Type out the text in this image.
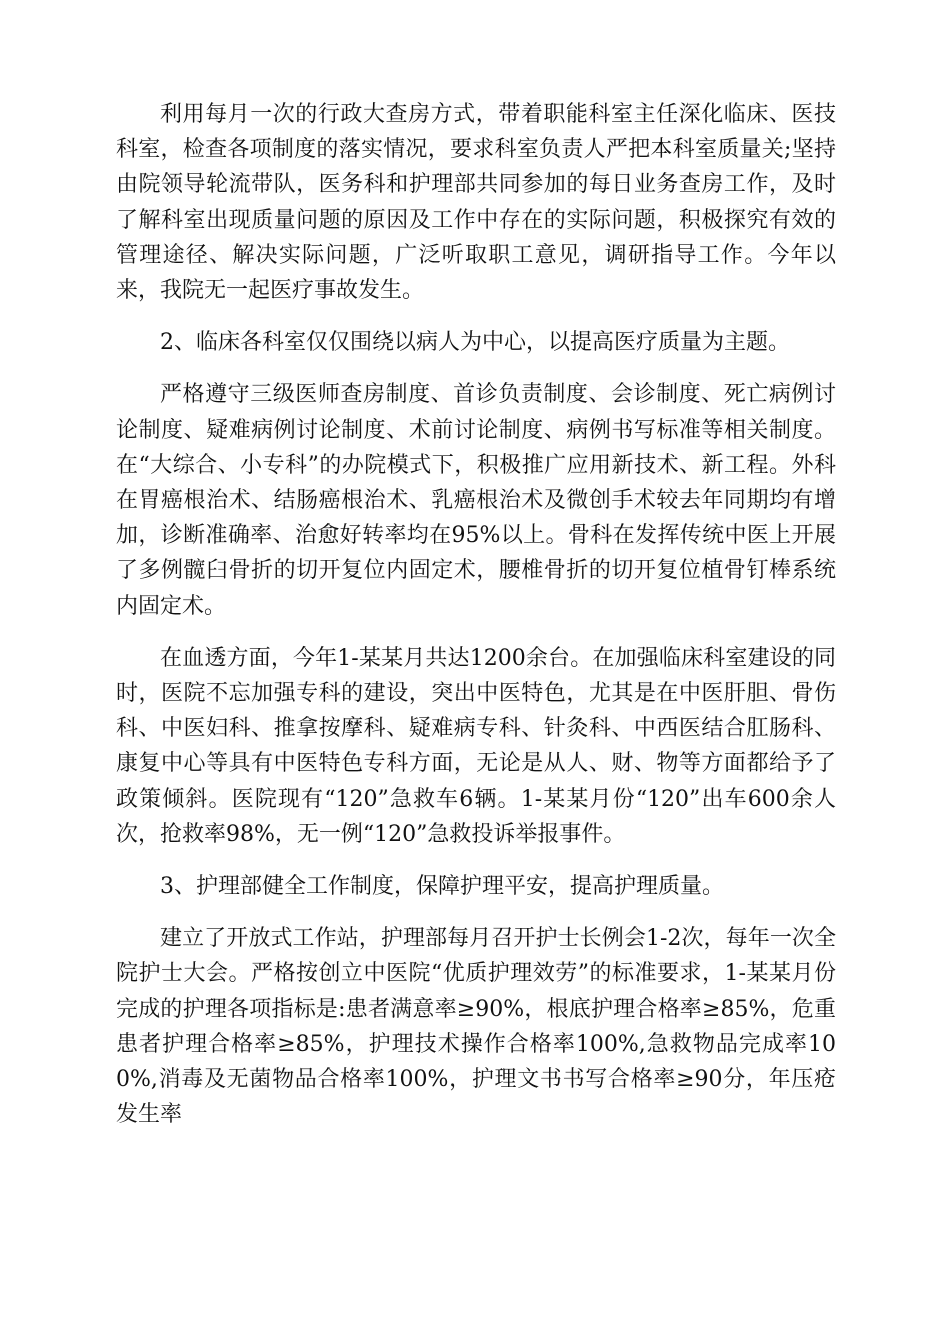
利用每月一次的行政大查房方式，带着职能科室主任深化临床、医技科室，检查各项制度的落实情况，要求科室负责人严把本科室质量关;坚持由院领导轮流带队，医务科和护理部共同参加的每日业务查房工作，及时了解科室出现质量问题的原因及工作中存在的实际问题，积极探究有效的管理途径、解决实际问题，广泛听取职工意见，调研指导工作。今年以来，我院无一起医疗事故发生。

2、临床各科室仅仅围绕以病人为中心，以提高医疗质量为主题。

严格遵守三级医师查房制度、首诊负责制度、会诊制度、死亡病例讨论制度、疑难病例讨论制度、术前讨论制度、病例书写标准等相关制度。在“大综合、小专科”的办院模式下，积极推广应用新技术、新工程。外科在胃癌根治术、结肠癌根治术、乳癌根治术及微创手术较去年同期均有增加，诊断准确率、治愈好转率均在95%以上。骨科在发挥传统中医上开展了多例髋臼骨折的切开复位内固定术，腰椎骨折的切开复位植骨钉棒系统内固定术。

在血透方面，今年1-某某月共达1200余台。在加强临床科室建设的同时，医院不忘加强专科的建设，突出中医特色，尤其是在中医肝胆、骨伤科、中医妇科、推拿按摩科、疑难病专科、针灸科、中西医结合肛肠科、康复中心等具有中医特色专科方面，无论是从人、财、物等方面都给予了政策倾斜。医院现有“120”急救车6辆。1-某某月份“120”出车600余人次，抢救率98%，无一例“120”急救投诉举报事件。

3、护理部健全工作制度，保障护理平安，提高护理质量。

建立了开放式工作站，护理部每月召开护士长例会1-2次，每年一次全院护士大会。严格按创立中医院“优质护理效劳”的标准要求，1-某某月份完成的护理各项指标是:患者满意率≥90%，根底护理合格率≥85%，危重患者护理合格率≥85%，护理技术操作合格率100%,急救物品完成率100%,消毒及无菌物品合格率100%，护理文书书写合格率≥90分，年压疮发生率
